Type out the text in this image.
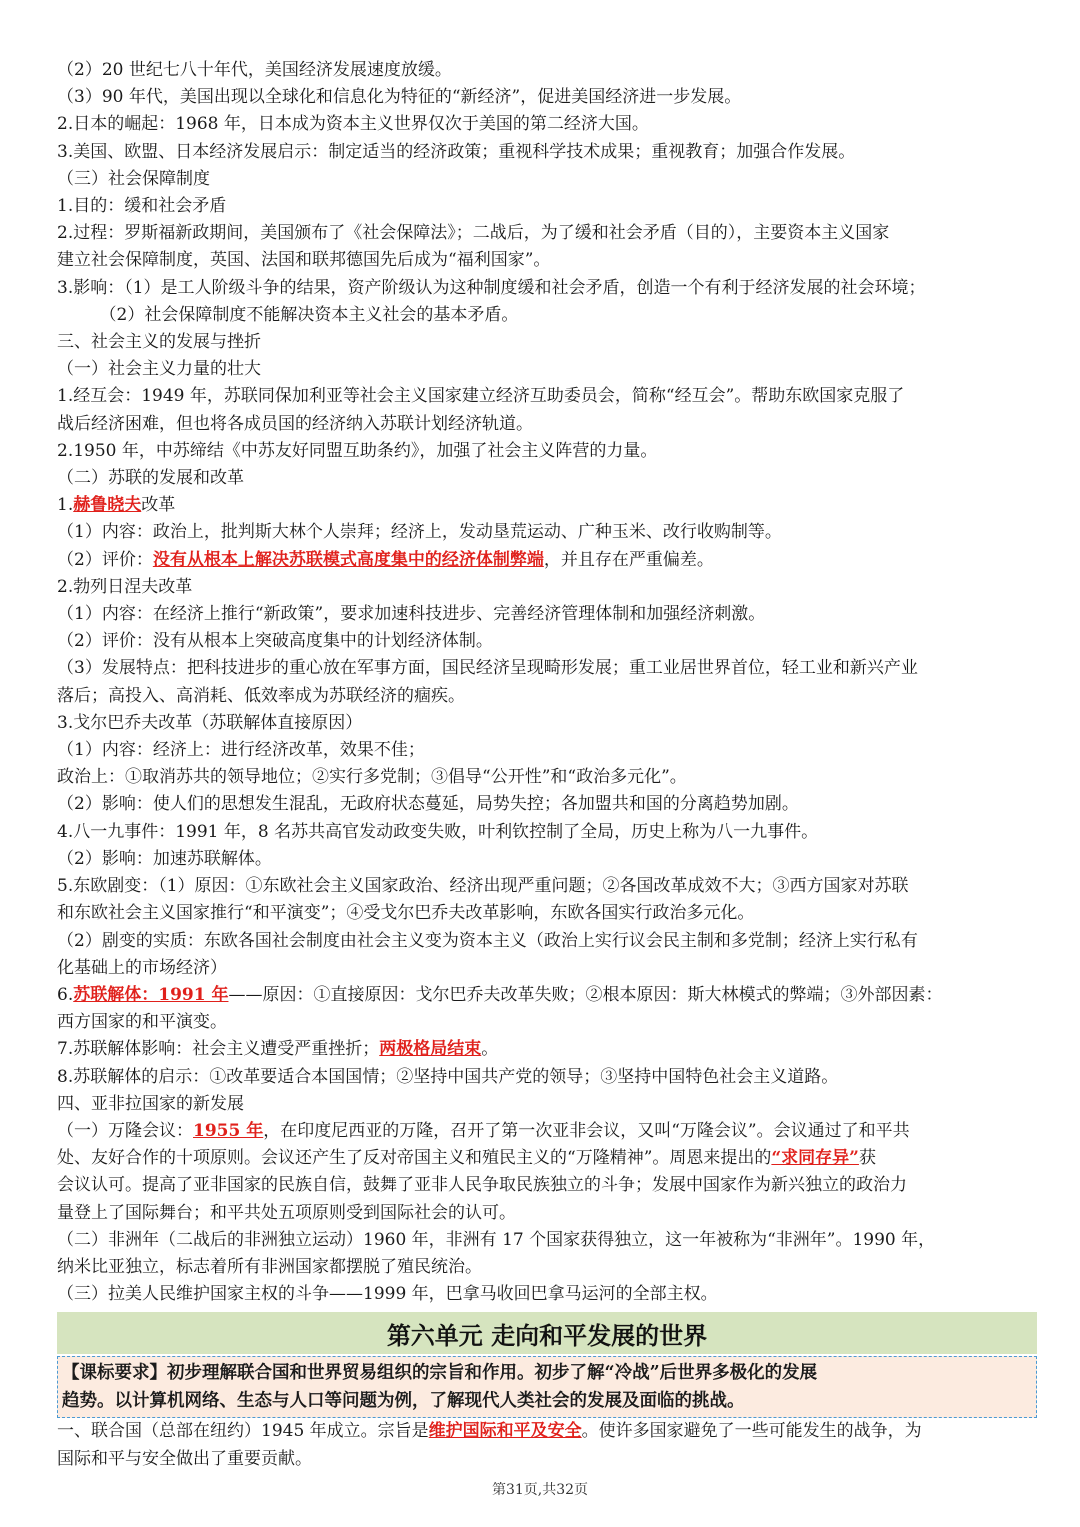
（2）20 世纪七八十年代，美国经济发展速度放缓。
（3）90 年代，美国出现以全球化和信息化为特征的“新经济”，促进美国经济进一步发展。
2.日本的崛起：1968 年，日本成为资本主义世界仅次于美国的第二经济大国。
3.美国、欧盟、日本经济发展启示：制定适当的经济政策；重视科学技术成果；重视教育；加强合作发展。
（三）社会保障制度
1.目的：缓和社会矛盾
2.过程：罗斯福新政期间，美国颁布了《社会保障法》；二战后，为了缓和社会矛盾（目的），主要资本主义国家
建立社会保障制度，英国、法国和联邦德国先后成为“福利国家”。
3.影响：（1）是工人阶级斗争的结果，资产阶级认为这种制度缓和社会矛盾，创造一个有利于经济发展的社会环境；
　　　（2）社会保障制度不能解决资本主义社会的基本矛盾。
三、社会主义的发展与挫折
（一）社会主义力量的壮大
1.经互会：1949 年，苏联同保加利亚等社会主义国家建立经济互助委员会，简称“经互会”。帮助东欧国家克服了
战后经济困难，但也将各成员国的经济纳入苏联计划经济轨道。
2.1950 年，中苏缔结《中苏友好同盟互助条约》，加强了社会主义阵营的力量。
（二）苏联的发展和改革
1.赫鲁晓夫改革
（1）内容：政治上，批判斯大林个人崇拜；经济上，发动垦荒运动、广种玉米、改行收购制等。
（2）评价：没有从根本上解决苏联模式高度集中的经济体制弊端，并且存在严重偏差。
2.勃列日涅夫改革
（1）内容：在经济上推行“新政策”，要求加速科技进步、完善经济管理体制和加强经济刺激。
（2）评价：没有从根本上突破高度集中的计划经济体制。
（3）发展特点：把科技进步的重心放在军事方面，国民经济呈现畸形发展；重工业居世界首位，轻工业和新兴产业
落后；高投入、高消耗、低效率成为苏联经济的痼疾。
3.戈尔巴乔夫改革（苏联解体直接原因）
（1）内容：经济上：进行经济改革，效果不佳；
政治上：①取消苏共的领导地位；②实行多党制；③倡导“公开性”和“政治多元化”。
（2）影响：使人们的思想发生混乱，无政府状态蔓延，局势失控；各加盟共和国的分离趋势加剧。
4.八一九事件：1991 年，8 名苏共高官发动政变失败，叶利钦控制了全局，历史上称为八一九事件。
（2）影响：加速苏联解体。
5.东欧剧变：（1）原因：①东欧社会主义国家政治、经济出现严重问题；②各国改革成效不大；③西方国家对苏联
和东欧社会主义国家推行“和平演变”；④受戈尔巴乔夫改革影响，东欧各国实行政治多元化。
（2）剧变的实质：东欧各国社会制度由社会主义变为资本主义（政治上实行议会民主制和多党制；经济上实行私有
化基础上的市场经济）
6.苏联解体：1991 年——原因：①直接原因：戈尔巴乔夫改革失败；②根本原因：斯大林模式的弊端；③外部因素：
西方国家的和平演变。
7.苏联解体影响：社会主义遭受严重挫折；两极格局结束。
8.苏联解体的启示：①改革要适合本国国情；②坚持中国共产党的领导；③坚持中国特色社会主义道路。
四、亚非拉国家的新发展
（一）万隆会议：1955 年，在印度尼西亚的万隆，召开了第一次亚非会议，又叫“万隆会议”。会议通过了和平共
处、友好合作的十项原则。会议还产生了反对帝国主义和殖民主义的“万隆精神”。周恩来提出的“求同存异”获
会议认可。提高了亚非国家的民族自信，鼓舞了亚非人民争取民族独立的斗争；发展中国家作为新兴独立的政治力
量登上了国际舞台；和平共处五项原则受到国际社会的认可。
（二）非洲年（二战后的非洲独立运动）1960 年，非洲有 17 个国家获得独立，这一年被称为“非洲年”。1990 年，
纳米比亚独立，标志着所有非洲国家都摆脱了殖民统治。
（三）拉美人民维护国家主权的斗争——1999 年，巴拿马收回巴拿马运河的全部主权。
第六单元 走向和平发展的世界
【课标要求】初步理解联合国和世界贸易组织的宗旨和作用。初步了解“冷战”后世界多极化的发展
趋势。以计算机网络、生态与人口等问题为例，了解现代人类社会的发展及面临的挑战。
一、联合国（总部在纽约）1945 年成立。宗旨是维护国际和平及安全。使许多国家避免了一些可能发生的战争，为
国际和平与安全做出了重要贡献。
第31页,共32页
